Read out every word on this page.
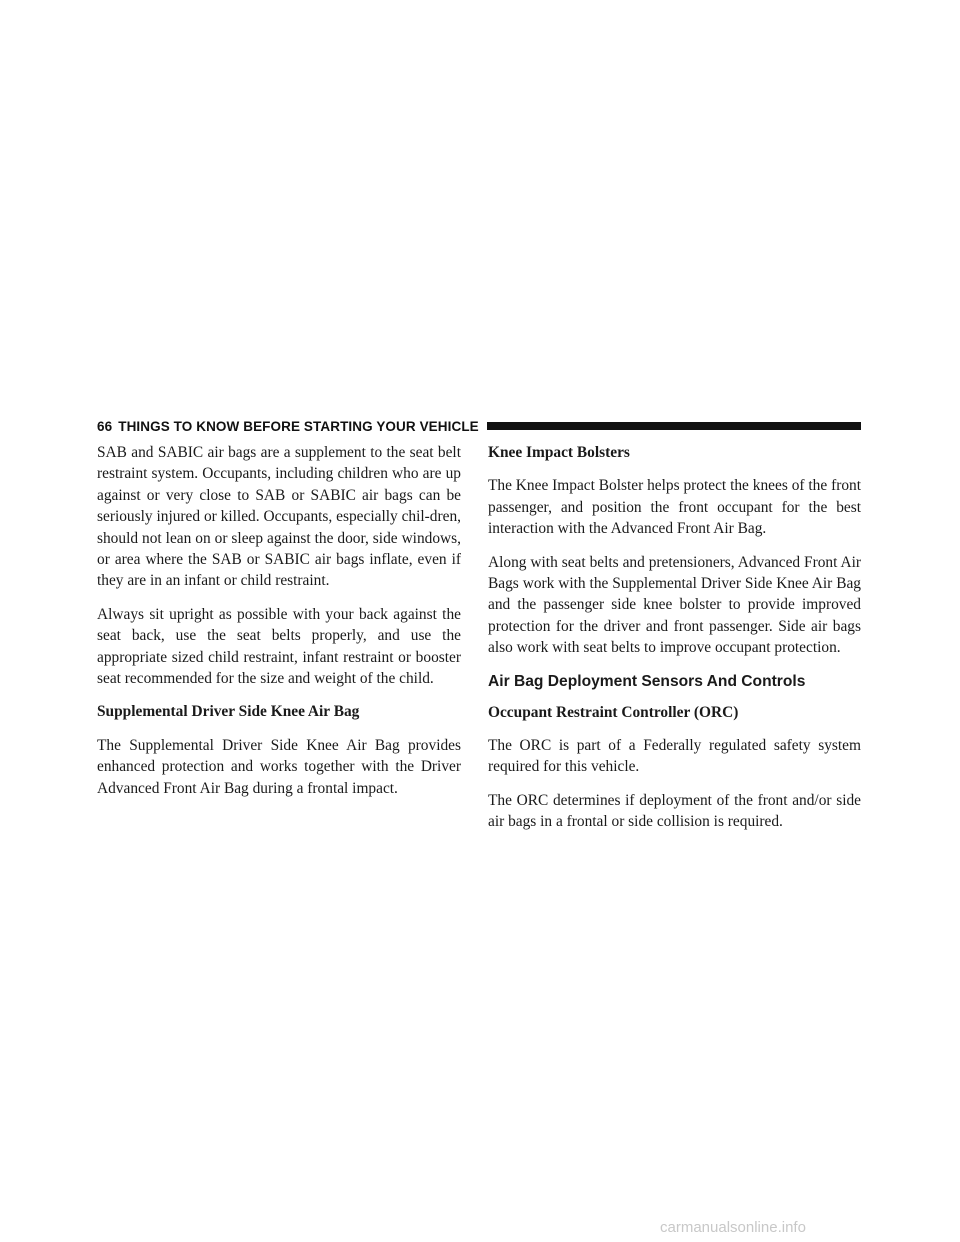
66 THINGS TO KNOW BEFORE STARTING YOUR VEHICLE

SAB and SABIC air bags are a supplement to the seat belt restraint system. Occupants, including children who are up against or very close to SAB or SABIC air bags can be seriously injured or killed. Occupants, especially chil-dren, should not lean on or sleep against the door, side windows, or area where the SAB or SABIC air bags inflate, even if they are in an infant or child restraint.

Always sit upright as possible with your back against the seat back, use the seat belts properly, and use the appropriate sized child restraint, infant restraint or booster seat recommended for the size and weight of the child.

Supplemental Driver Side Knee Air Bag

The Supplemental Driver Side Knee Air Bag provides enhanced protection and works together with the Driver Advanced Front Air Bag during a frontal impact.

Knee Impact Bolsters

The Knee Impact Bolster helps protect the knees of the front passenger, and position the front occupant for the best interaction with the Advanced Front Air Bag.

Along with seat belts and pretensioners, Advanced Front Air Bags work with the Supplemental Driver Side Knee Air Bag and the passenger side knee bolster to provide improved protection for the driver and front passenger. Side air bags also work with seat belts to improve occupant protection.

Air Bag Deployment Sensors And Controls
Occupant Restraint Controller (ORC)

The ORC is part of a Federally regulated safety system required for this vehicle.

The ORC determines if deployment of the front and/or side air bags in a frontal or side collision is required.

carmanualsonline.info
